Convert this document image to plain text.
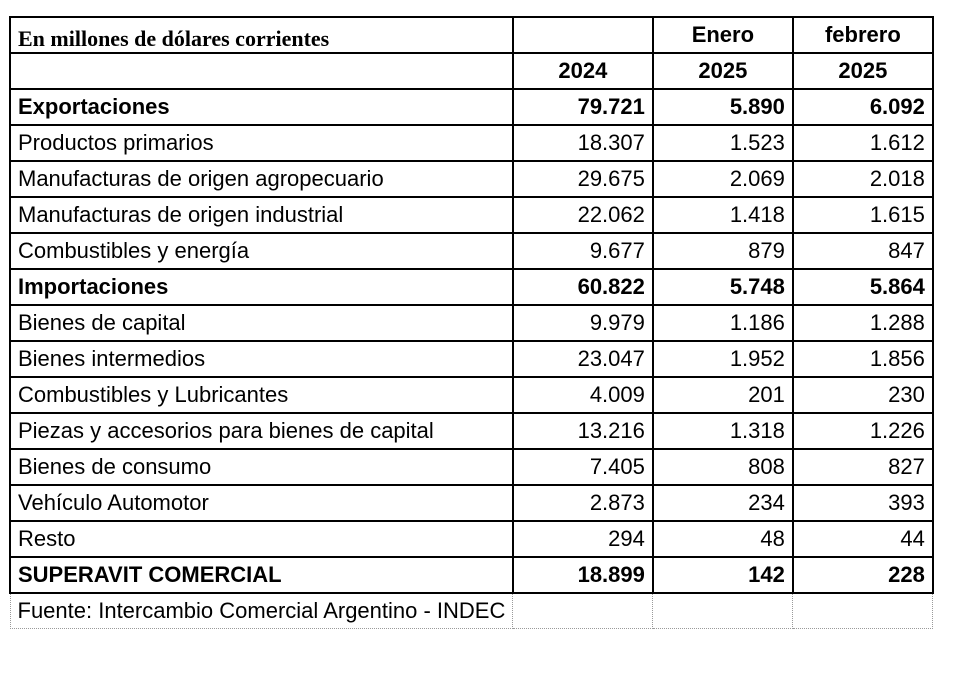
En millones de dólares corrientes		Enero	febrero
	2024	2025	2025
Exportaciones	79.721	5.890	6.092
Productos primarios	18.307	1.523	1.612
Manufacturas de origen agropecuario	29.675	2.069	2.018
Manufacturas de origen industrial	22.062	1.418	1.615
Combustibles y energía	9.677	879	847
Importaciones	60.822	5.748	5.864
Bienes de capital	9.979	1.186	1.288
Bienes intermedios	23.047	1.952	1.856
Combustibles y Lubricantes	4.009	201	230
Piezas y accesorios para bienes de capital	13.216	1.318	1.226
Bienes de consumo	7.405	808	827
Vehículo Automotor	2.873	234	393
Resto	294	48	44
SUPERAVIT COMERCIAL	18.899	142	228
Fuente: Intercambio Comercial Argentino - INDEC			
